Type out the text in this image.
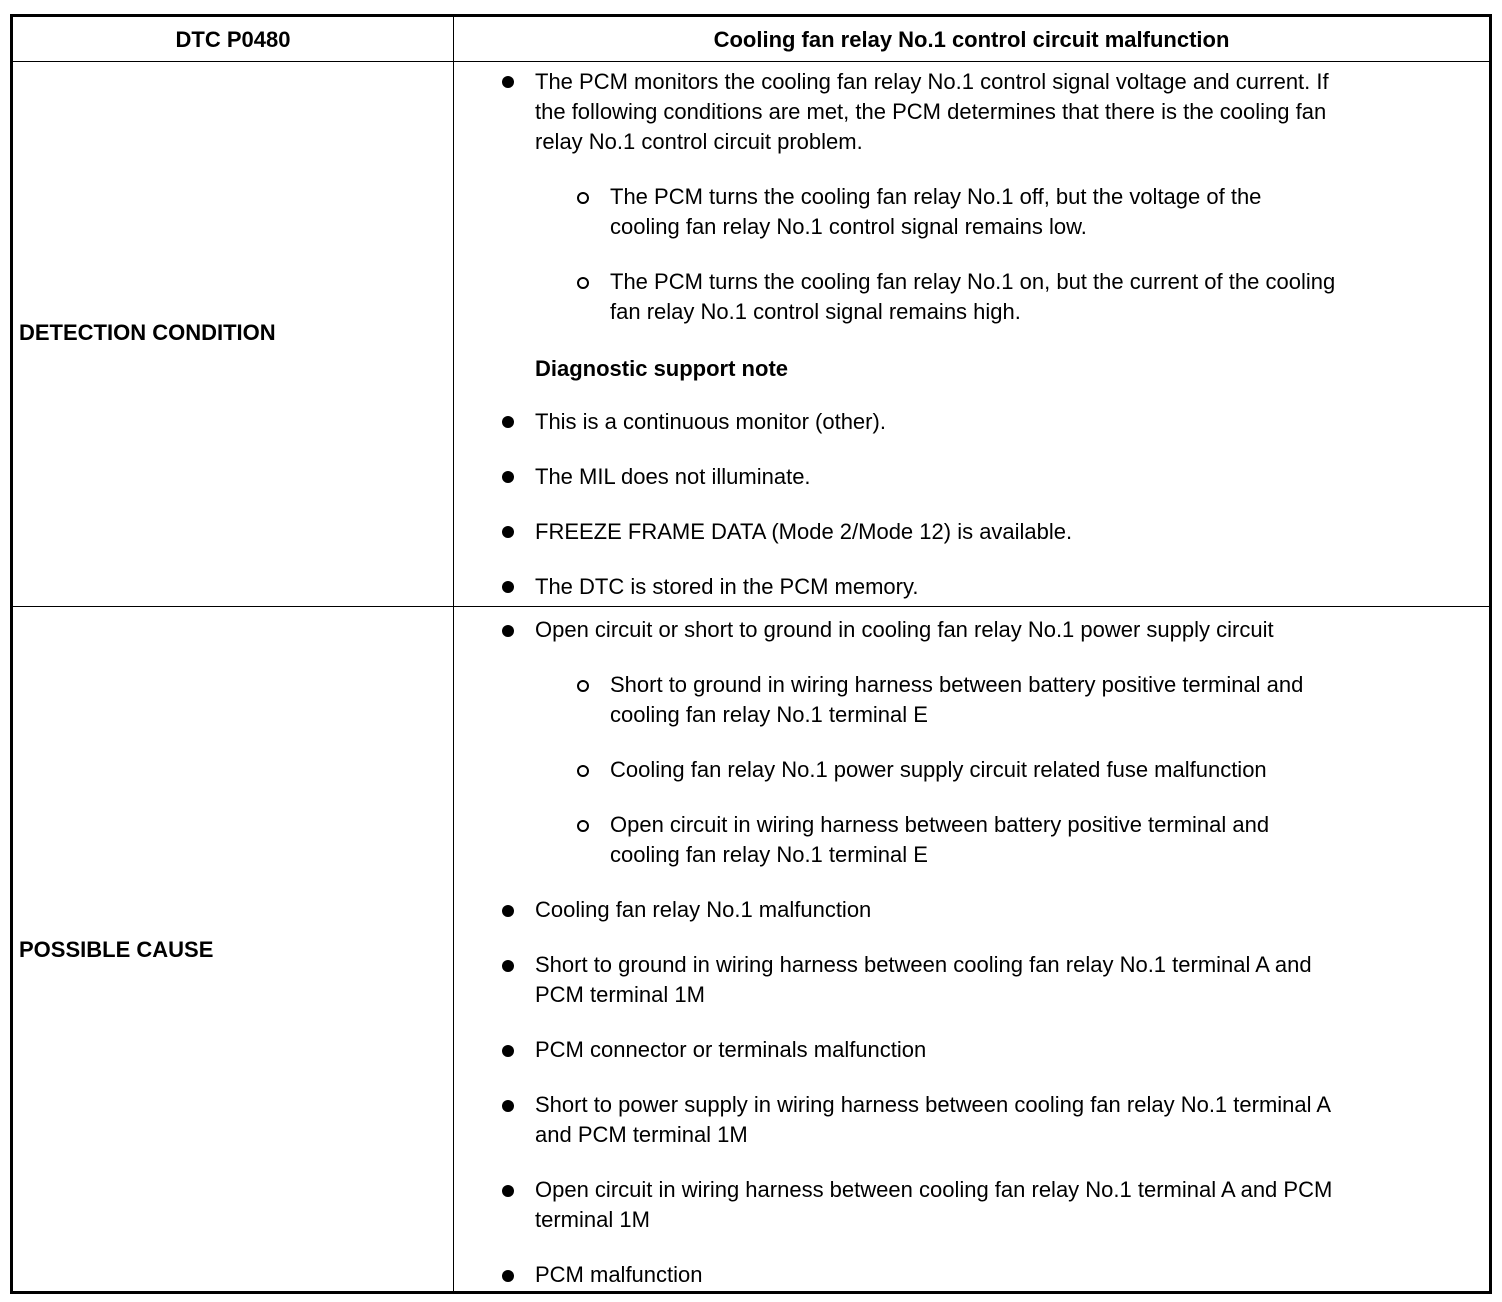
DTC P0480	Cooling fan relay No.1 control circuit malfunction
DETECTION CONDITION
The PCM monitors the cooling fan relay No.1 control signal voltage and current. If
the following conditions are met, the PCM determines that there is the cooling fan
relay No.1 control circuit problem.
The PCM turns the cooling fan relay No.1 off, but the voltage of the
cooling fan relay No.1 control signal remains low.
The PCM turns the cooling fan relay No.1 on, but the current of the cooling
fan relay No.1 control signal remains high.
Diagnostic support note
This is a continuous monitor (other).
The MIL does not illuminate.
FREEZE FRAME DATA (Mode 2/Mode 12) is available.
The DTC is stored in the PCM memory.
POSSIBLE CAUSE
Open circuit or short to ground in cooling fan relay No.1 power supply circuit
Short to ground in wiring harness between battery positive terminal and
cooling fan relay No.1 terminal E
Cooling fan relay No.1 power supply circuit related fuse malfunction
Open circuit in wiring harness between battery positive terminal and
cooling fan relay No.1 terminal E
Cooling fan relay No.1 malfunction
Short to ground in wiring harness between cooling fan relay No.1 terminal A and
PCM terminal 1M
PCM connector or terminals malfunction
Short to power supply in wiring harness between cooling fan relay No.1 terminal A
and PCM terminal 1M
Open circuit in wiring harness between cooling fan relay No.1 terminal A and PCM
terminal 1M
PCM malfunction
